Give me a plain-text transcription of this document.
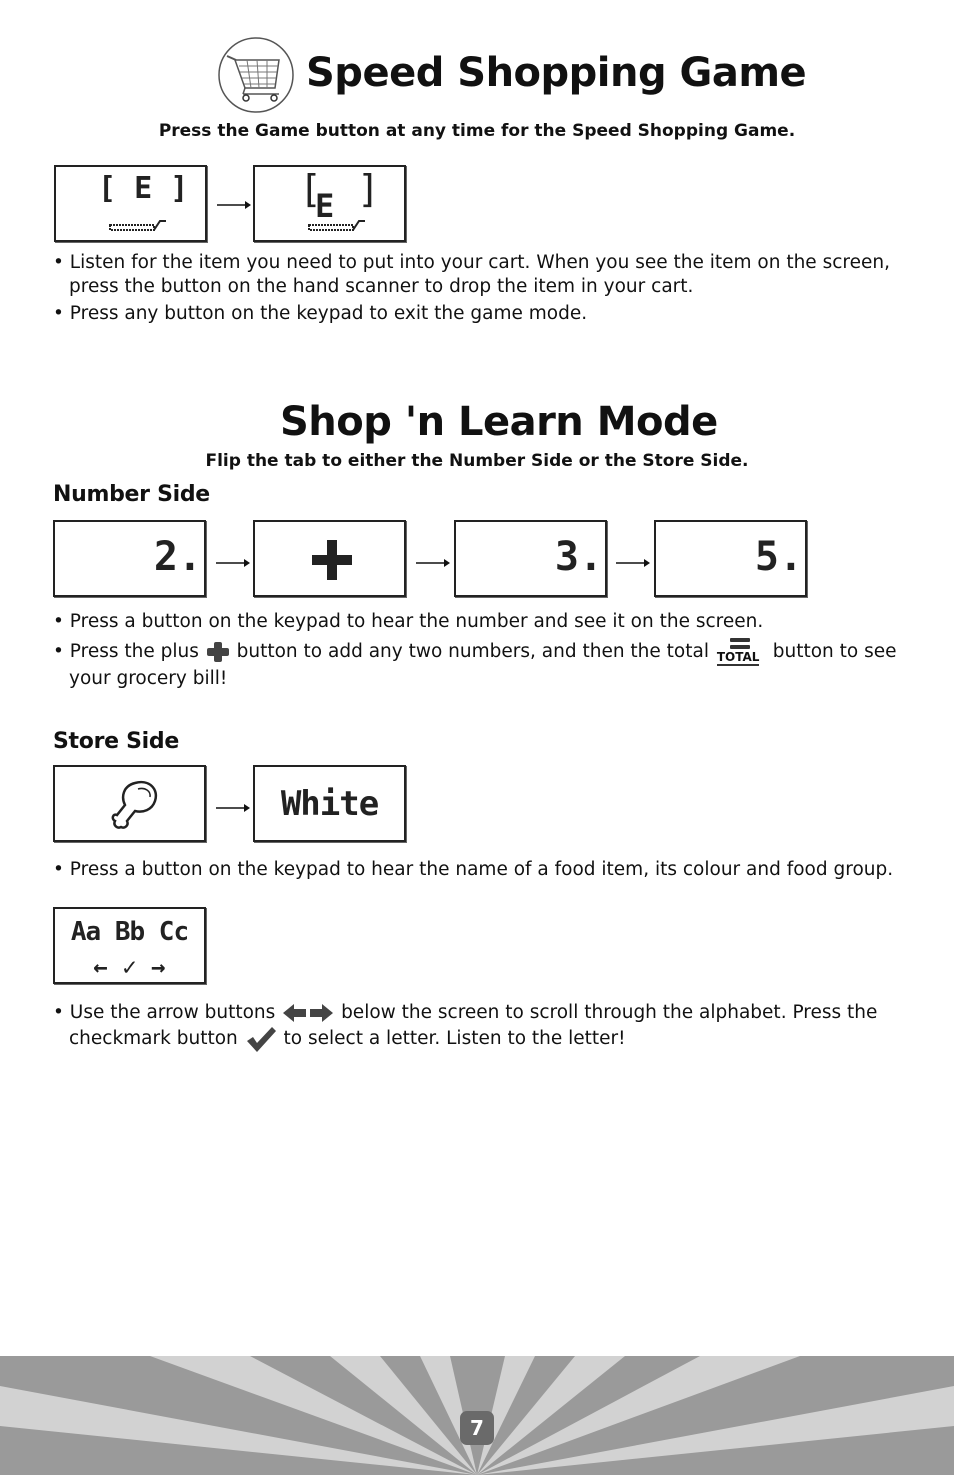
Speed Shopping Game
Press the Game button at any time for the Speed Shopping Game.
[ E ]	[
E ]
• Listen for the item you need to put into your cart. When you see the item on the screen,
press the button on the hand scanner to drop the item in your cart.
• Press any button on the keypad to exit the game mode.
Shop 'n Learn Mode
Flip the tab to either the Number Side or the Store Side.
Number Side
2.	3.	5.
• Press a button on the keypad to hear the number and see it on the screen.
• Press the plus button to add any two numbers, and then the total TOTAL button to see
your grocery bill!
Store Side
White
• Press a button on the keypad to hear the name of a food item, its colour and food group.
Aa Bb Cc
← ✓ →
• Use the arrow buttons	below the screen to scroll through the alphabet. Press the
checkmark button to select a letter. Listen to the letter!
7
